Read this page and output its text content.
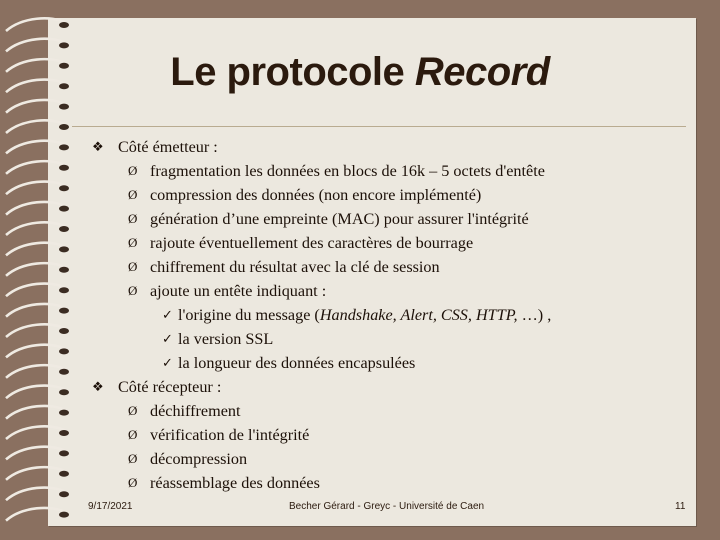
Le protocole Record
❖ Côté émetteur :
Ø fragmentation les données en blocs de 16k – 5 octets d'entête
Ø compression des données (non encore implémenté)
Ø génération d’une empreinte (MAC) pour assurer l'intégrité
Ø rajoute éventuellement des caractères de bourrage
Ø chiffrement du résultat avec la clé de session
Ø ajoute un entête indiquant :
✓ l'origine du message (Handshake, Alert, CSS, HTTP, …) ,
✓ la version SSL
✓ la longueur des données encapsulées
❖ Côté récepteur :
Ø déchiffrement
Ø vérification de l'intégrité
Ø décompression
Ø réassemblage des données
9/17/2021	Becher Gérard - Greyc - Université de Caen	11
